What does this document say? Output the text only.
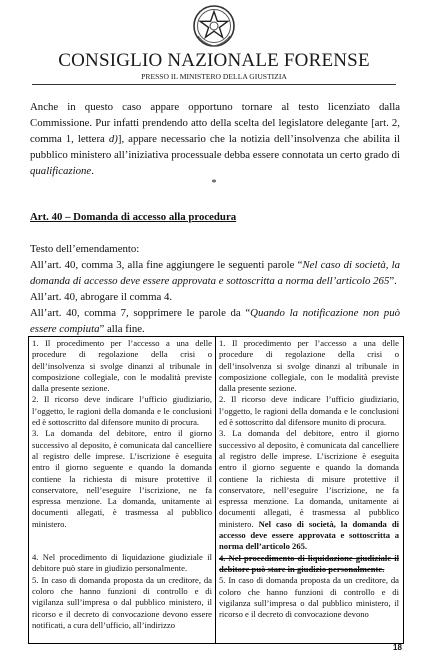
CONSIGLIO NAZIONALE FORENSE
PRESSO IL MINISTERO DELLA GIUSTIZIA

Anche in questo caso appare opportuno tornare al testo licenziato dalla Commissione. Pur infatti prendendo atto della scelta del legislatore delegante [art. 2, comma 1, lettera d)], appare necessario che la notizia dell’insolvenza che abilita il pubblico ministero all’iniziativa processuale debba essere connotata un certo grado di qualificazione.

*
Art. 40 – Domanda di accesso alla procedura

Testo dell’emendamento:

All’art. 40, comma 3, alla fine aggiungere le seguenti parole “Nel caso di società, la domanda di accesso deve essere approvata e sottoscritta a norma dell’articolo 265”.

All’art. 40, abrogare il comma 4.

All’art. 40, comma 7, sopprimere le parole da “Quando la notificazione non può essere compiuta” alla fine.

1. Il procedimento per l’accesso a una delle procedure di regolazione della crisi o dell’insolvenza si svolge dinanzi al tribunale in composizione collegiale, con le modalità previste dalla presente sezione.

2. Il ricorso deve indicare l’ufficio giudiziario, l’oggetto, le ragioni della domanda e le conclusioni ed è sottoscritto dal difensore munito di procura.

3. La domanda del debitore, entro il giorno successivo al deposito, è comunicata dal cancelliere al registro delle imprese. L’iscrizione è eseguita entro il giorno seguente e quando la domanda contiene la richiesta di misure protettive il conservatore, nell’eseguire l’iscrizione, ne fa espressa menzione. La domanda, unitamente ai documenti allegati, è trasmessa al pubblico ministero.

4. Nel procedimento di liquidazione giudiziale il debitore può stare in giudizio personalmente.

5. In caso di domanda proposta da un creditore, da coloro che hanno funzioni di controllo e di vigilanza sull’impresa o dal pubblico ministero, il ricorso e il decreto di convocazione devono essere notificati, a cura dell’ufficio, all’indirizzo

1. Il procedimento per l’accesso a una delle procedure di regolazione della crisi o dell’insolvenza si svolge dinanzi al tribunale in composizione collegiale, con le modalità previste dalla presente sezione.

2. Il ricorso deve indicare l’ufficio giudiziario, l’oggetto, le ragioni della domanda e le conclusioni ed è sottoscritto dal difensore munito di procura.

3. La domanda del debitore, entro il giorno successivo al deposito, è comunicata dal cancelliere al registro delle imprese. L’iscrizione è eseguita entro il giorno seguente e quando la domanda contiene la richiesta di misure protettive il conservatore, nell’eseguire l’iscrizione, ne fa espressa menzione. La domanda, unitamente ai documenti allegati, è trasmessa al pubblico ministero. Nel caso di società, la domanda di accesso deve essere approvata e sottoscritta a norma dell’articolo 265.

4. Nel procedimento di liquidazione giudiziale il debitore può stare in giudizio personalmente.

5. In caso di domanda proposta da un creditore, da coloro che hanno funzioni di controllo e di vigilanza sull’impresa o dal pubblico ministero, il ricorso e il decreto di convocazione devono

18
